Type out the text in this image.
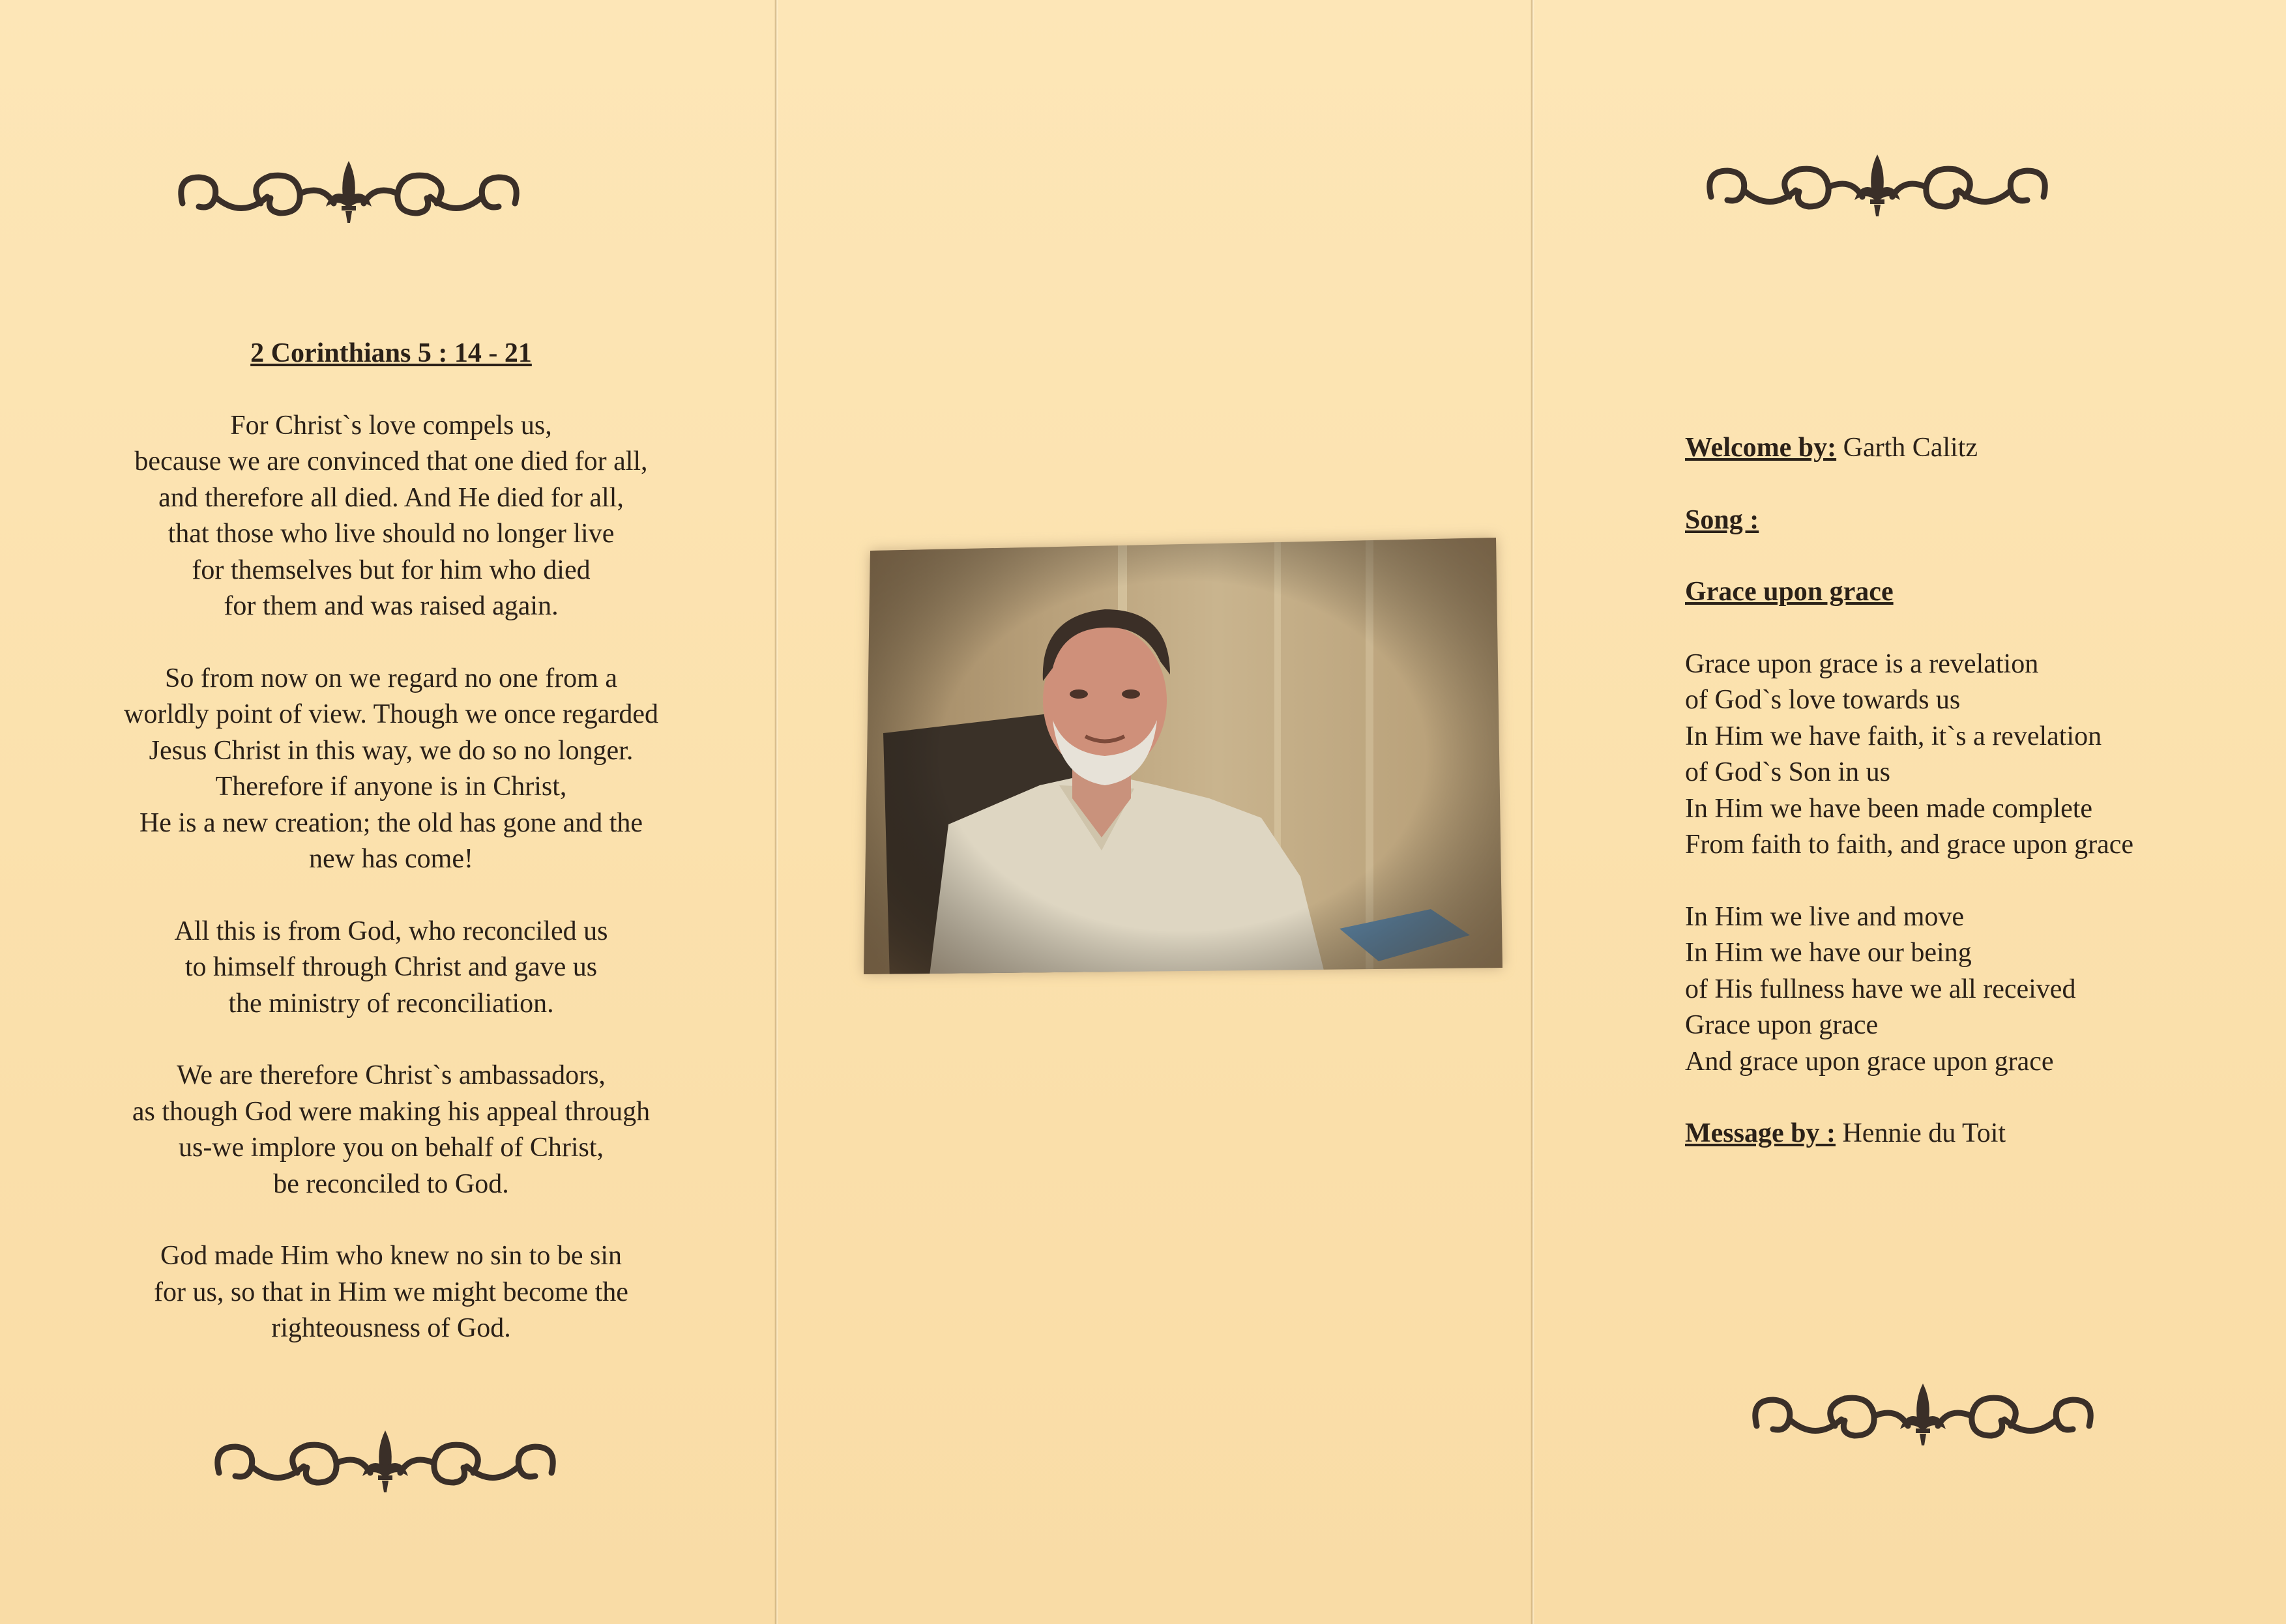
2 Corinthians 5 : 14 - 21
For Christ`s love compels us,
because we are convinced that one died for all,
and therefore all died. And He died for all,
that those who live should no longer live
for themselves but for him who died
for them and was raised again.
So from now on we regard no one from a
worldly point of view. Though we once regarded
Jesus Christ in this way, we do so no longer.
Therefore if anyone is in Christ,
He is a new creation; the old has gone and the
new has come!
All this is from God, who reconciled us
to himself through Christ and gave us
the ministry of reconciliation.
We are therefore Christ`s ambassadors,
as though God were making his appeal through
us-we implore you on behalf of Christ,
be reconciled to God.
God made Him who knew no sin to be sin
for us, so that in Him we might become the
righteousness of God.
Welcome by: Garth Calitz
Song :
Grace upon grace
Grace upon grace is a revelation
of God`s love towards us
In Him we have faith, it`s a revelation
of God`s Son in us
In Him we have been made complete
From faith to faith, and grace upon grace
In Him we live and move
In Him we have our being
of His fullness have we all received
Grace upon grace
And grace upon grace upon grace
Message by : Hennie du Toit
